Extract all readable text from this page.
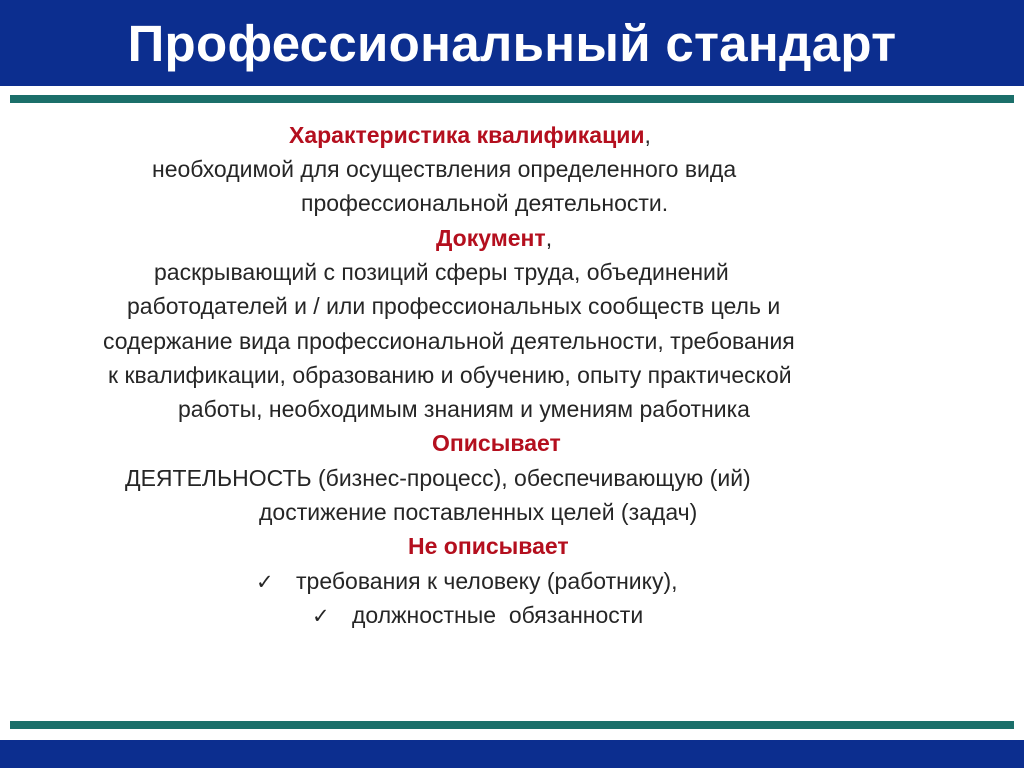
Профессиональный стандарт
Характеристика квалификации,
необходимой для осуществления определенного вида
профессиональной деятельности.
Документ,
раскрывающий с позиций сферы труда, объединений
работодателей и / или профессиональных сообществ цель и
содержание вида профессиональной деятельности, требования
к квалификации, образованию и обучению, опыту практической
работы, необходимым знаниям и умениям работника
Описывает
ДЕЯТЕЛЬНОСТЬ (бизнес-процесс), обеспечивающую (ий)
достижение поставленных целей (задач)
Не описывает
✓ требования к человеку (работнику),
✓ должностные  обязанности
